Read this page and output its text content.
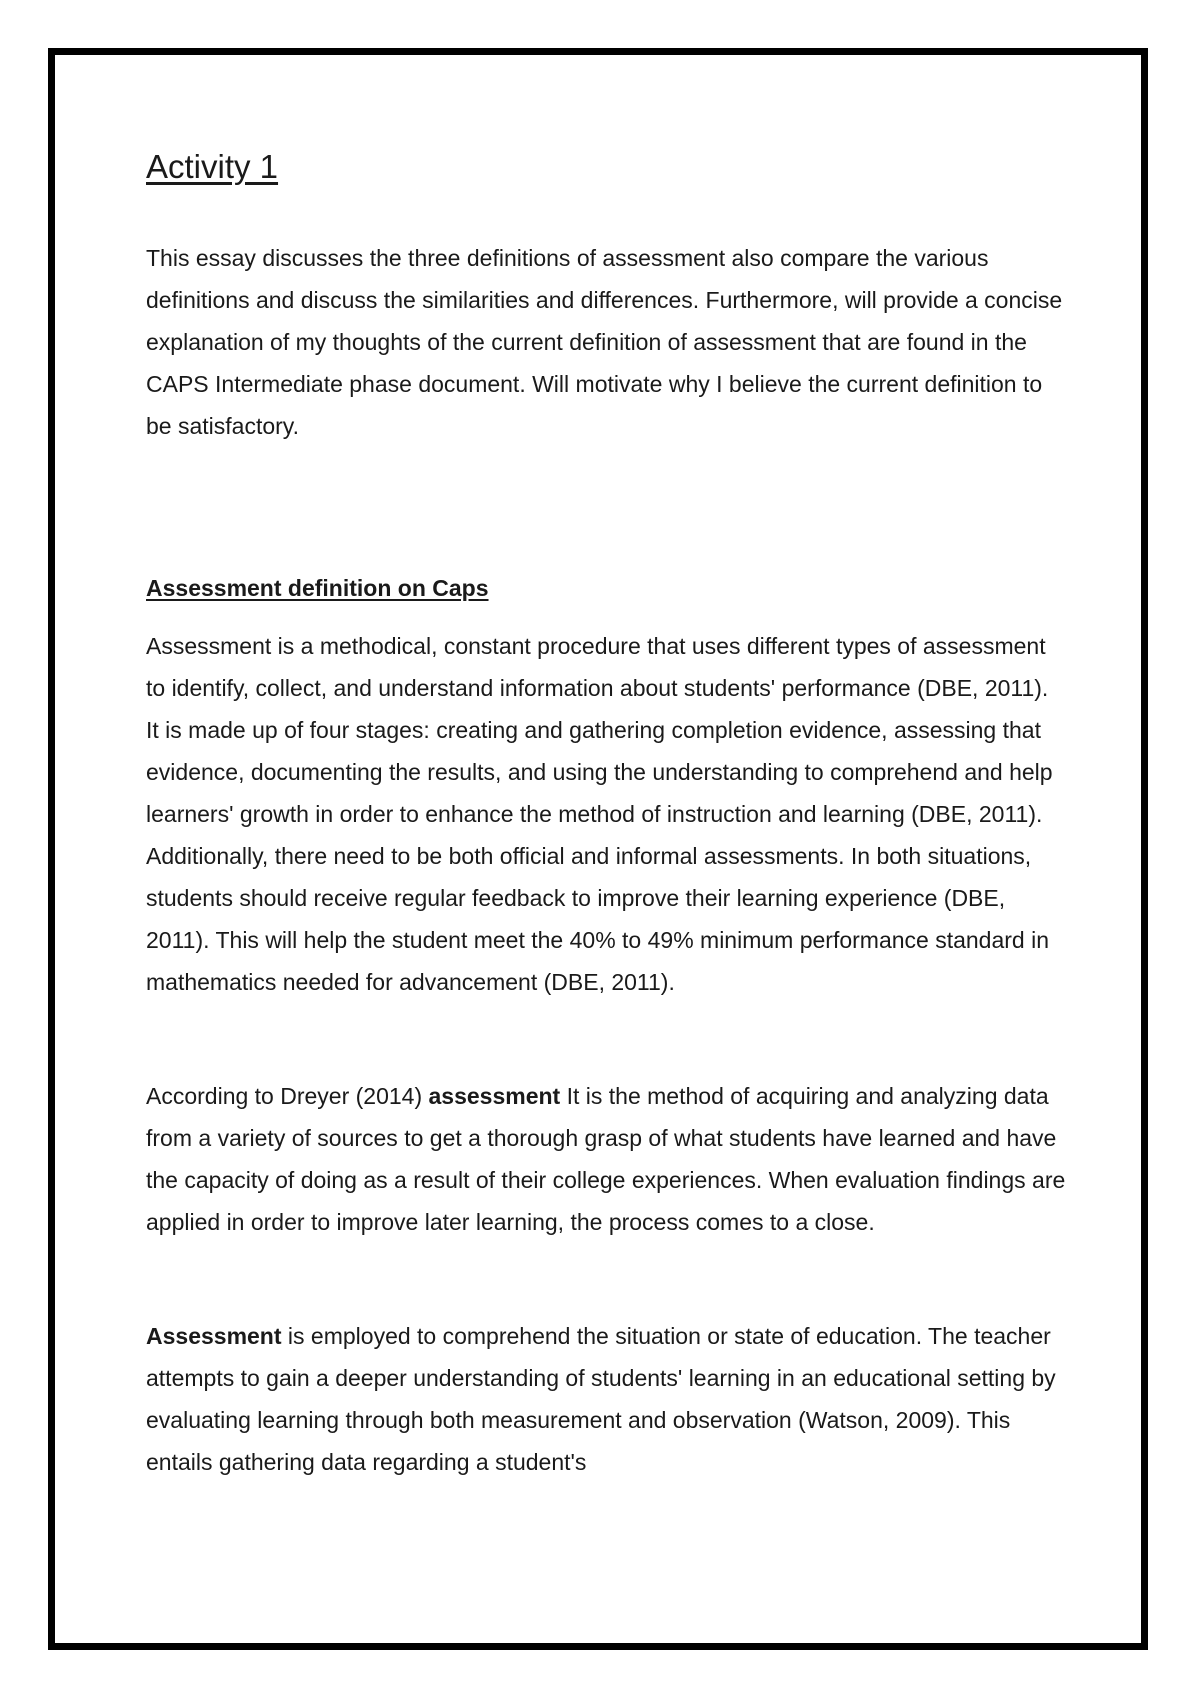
Activity 1

This essay discusses the three definitions of assessment also compare the various definitions and discuss the similarities and differences. Furthermore, will provide a concise explanation of my thoughts of the current definition of assessment that are found in the CAPS Intermediate phase document. Will motivate why I believe the current definition to be satisfactory.

Assessment definition on Caps

Assessment is a methodical, constant procedure that uses different types of assessment to identify, collect, and understand information about students' performance (DBE, 2011). It is made up of four stages: creating and gathering completion evidence, assessing that evidence, documenting the results, and using the understanding to comprehend and help learners' growth in order to enhance the method of instruction and learning (DBE, 2011). Additionally, there need to be both official and informal assessments. In both situations, students should receive regular feedback to improve their learning experience (DBE, 2011). This will help the student meet the 40% to 49% minimum performance standard in mathematics needed for advancement (DBE, 2011).

According to Dreyer (2014) assessment It is the method of acquiring and analyzing data from a variety of sources to get a thorough grasp of what students have learned and have the capacity of doing as a result of their college experiences. When evaluation findings are applied in order to improve later learning, the process comes to a close.

Assessment is employed to comprehend the situation or state of education. The teacher attempts to gain a deeper understanding of students' learning in an educational setting by evaluating learning through both measurement and observation (Watson, 2009). This entails gathering data regarding a student's
